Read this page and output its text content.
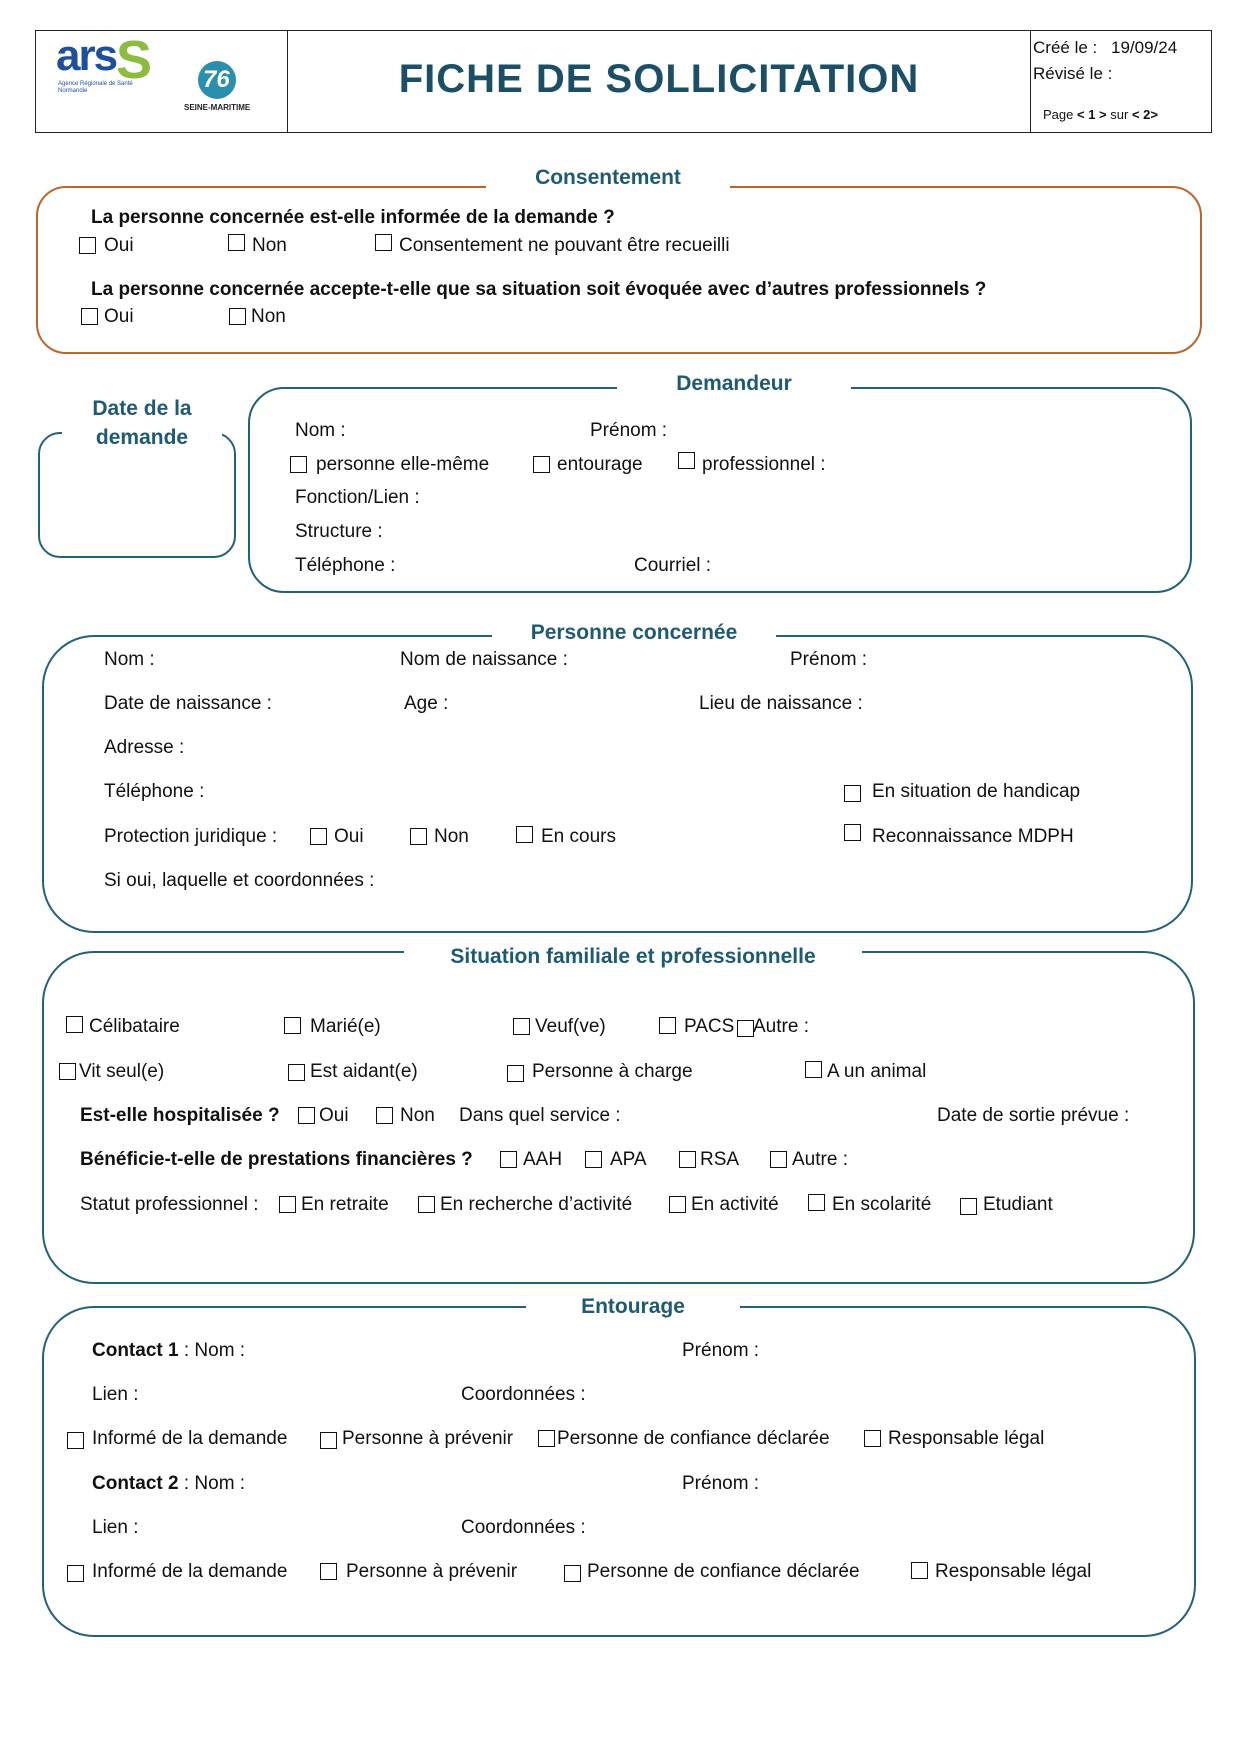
ars S
Agence Régionale de Santé Normandie	76
SEINE-MARITIME
FICHE DE SOLLICITATION
Créé le : 19/09/24
Révisé le :
Page < 1 > sur < 2>
Consentement
La personne concernée est-elle informée de la demande ?
Oui	Non	Consentement ne pouvant être recueilli
La personne concernée accepte-t-elle que sa situation soit évoquée avec d’autres professionnels ?
Oui	Non
Date de la
demande
Demandeur
Nom :	Prénom :
personne elle-même	entourage	professionnel :
Fonction/Lien :
Structure :
Téléphone :	Courriel :
Personne concernée
Nom :	Nom de naissance :	Prénom :
Date de naissance :	Age :	Lieu de naissance :
Adresse :
Téléphone :	En situation de handicap
Protection juridique :	Oui	Non	En cours	Reconnaissance MDPH
Si oui, laquelle et coordonnées :
Situation familiale et professionnelle
Célibataire	Marié(e)	Veuf(ve)	PACS Autre :
Vit seul(e)	Est aidant(e)	Personne à charge	A un animal
Est-elle hospitalisée ? Oui	Non Dans quel service :	Date de sortie prévue :
Bénéficie-t-elle de prestations financières ?	AAH	APA	RSA	Autre :
Statut professionnel : En retraite	En recherche d’activité	En activité	En scolarité	Etudiant
Entourage
Contact 1 : Nom :	Prénom :
Lien :	Coordonnées :
Informé de la demande	Personne à prévenir Personne de confiance déclarée	Responsable légal
Contact 2 : Nom :	Prénom :
Lien :	Coordonnées :
Informé de la demande	Personne à prévenir	Personne de confiance déclarée	Responsable légal
